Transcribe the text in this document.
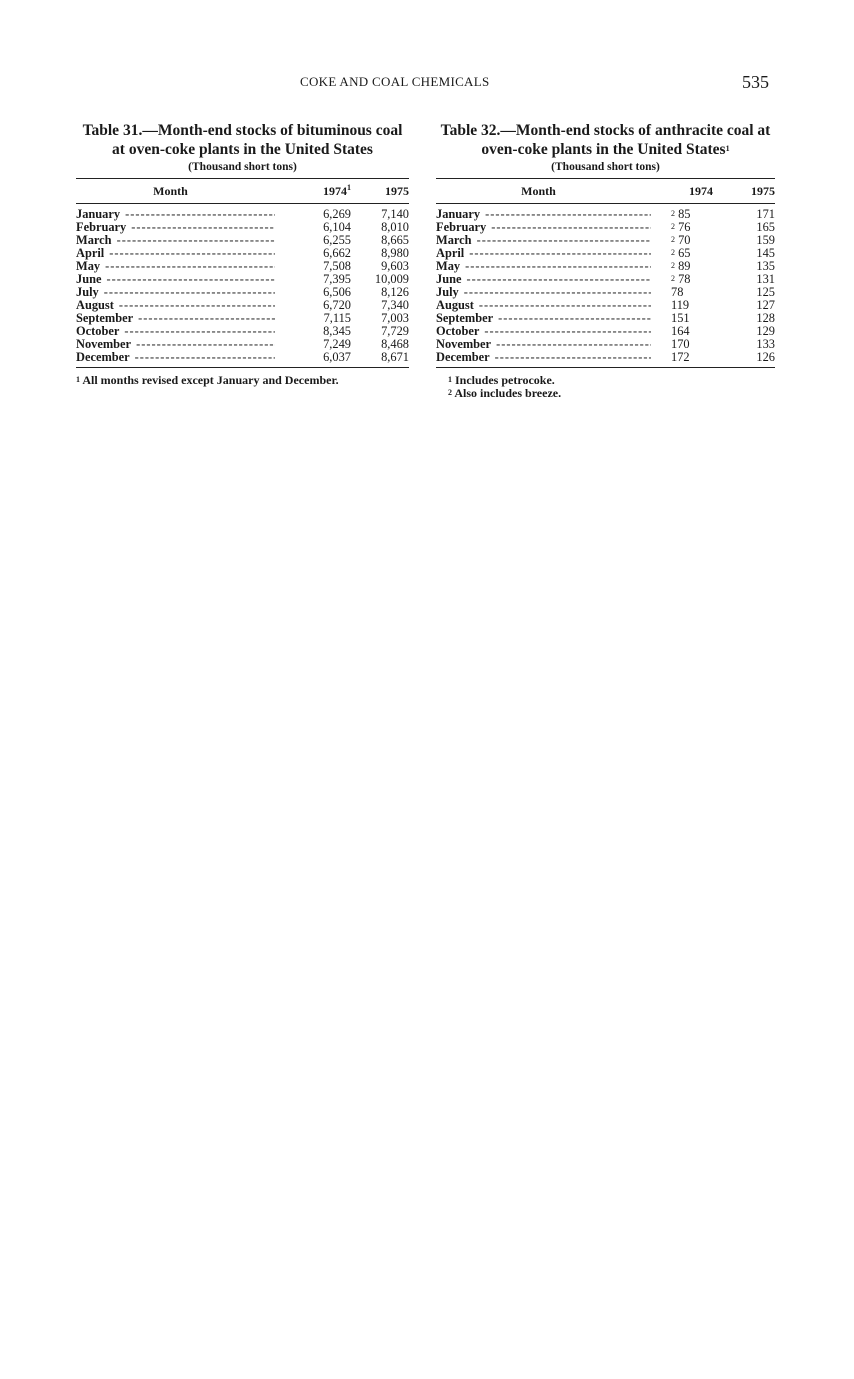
COKE AND COAL CHEMICALS	535
Table 31.—Month-end stocks of bituminous coal at oven-coke plants in the United States
(Thousand short tons)
Month	1974$^1$	1975
January -----	6,269	7,140
February -----	6,104	8,010
March -----	6,255	8,665
April -----	6,662	8,980
May -----	7,508	9,603
June -----	7,395	10,009
July -----	6,506	8,126
August -----	6,720	7,340
September -----	7,115	7,003
October -----	8,345	7,729
November -----	7,249	8,468
December -----	6,037	8,671
$^1$ All months revised except January and December.
Table 32.—Month-end stocks of anthracite coal at oven-coke plants in the United States$^1$
(Thousand short tons)
Month	1974	1975
January -----	$^2$ 85	171
February -----	$^2$ 76	165
March -----	$^2$ 70	159
April -----	$^2$ 65	145
May -----	$^2$ 89	135
June -----	$^2$ 78	131
July -----	78	125
August -----	119	127
September -----	151	128
October -----	164	129
November -----	170	133
December -----	172	126
$^1$ Includes petrocoke.
$^2$ Also includes breeze.
